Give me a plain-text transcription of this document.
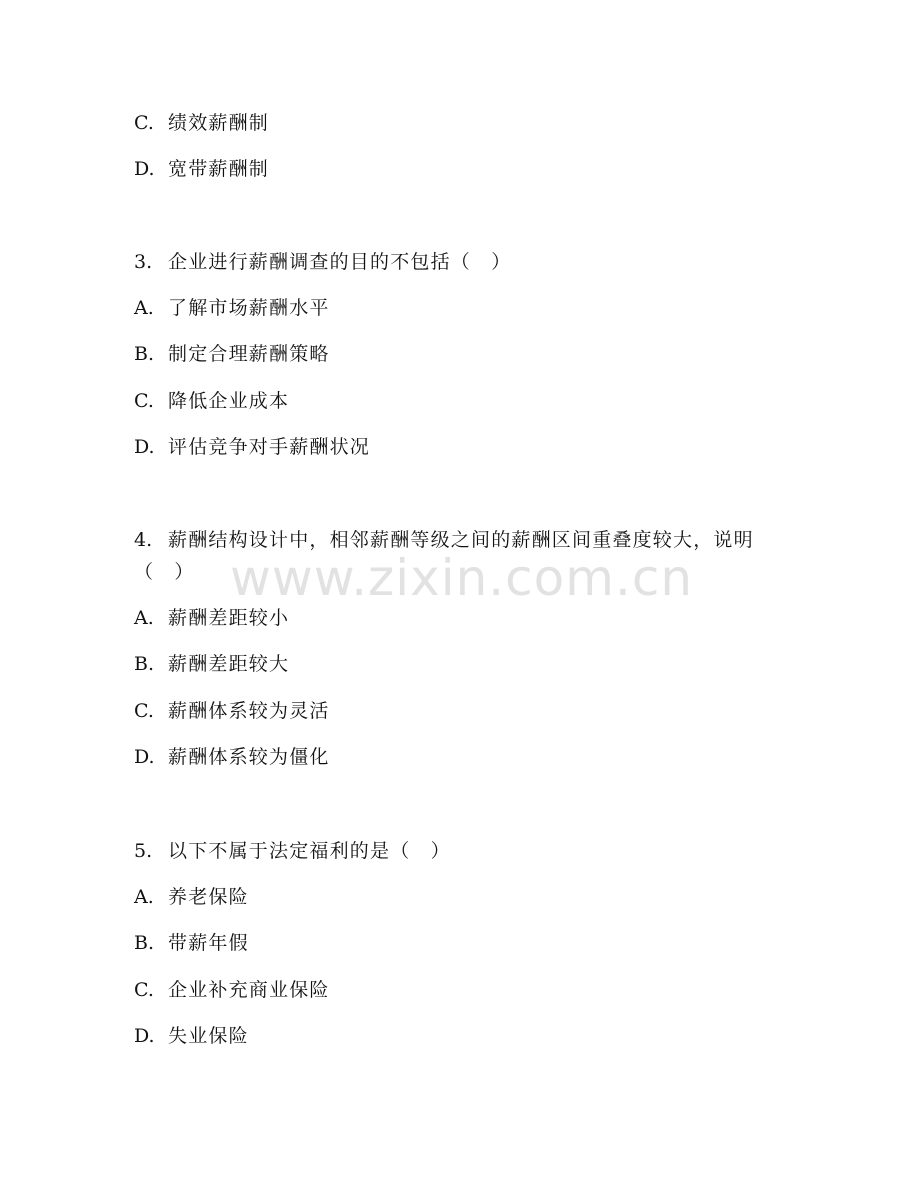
www.zixin.com.cn
C. 绩效薪酬制
D. 宽带薪酬制
3. 企业进行薪酬调查的目的不包括（　）
A. 了解市场薪酬水平
B. 制定合理薪酬策略
C. 降低企业成本
D. 评估竞争对手薪酬状况
4. 薪酬结构设计中，相邻薪酬等级之间的薪酬区间重叠度较大，说明
（　）
A. 薪酬差距较小
B. 薪酬差距较大
C. 薪酬体系较为灵活
D. 薪酬体系较为僵化
5. 以下不属于法定福利的是（　）
A. 养老保险
B. 带薪年假
C. 企业补充商业保险
D. 失业保险
